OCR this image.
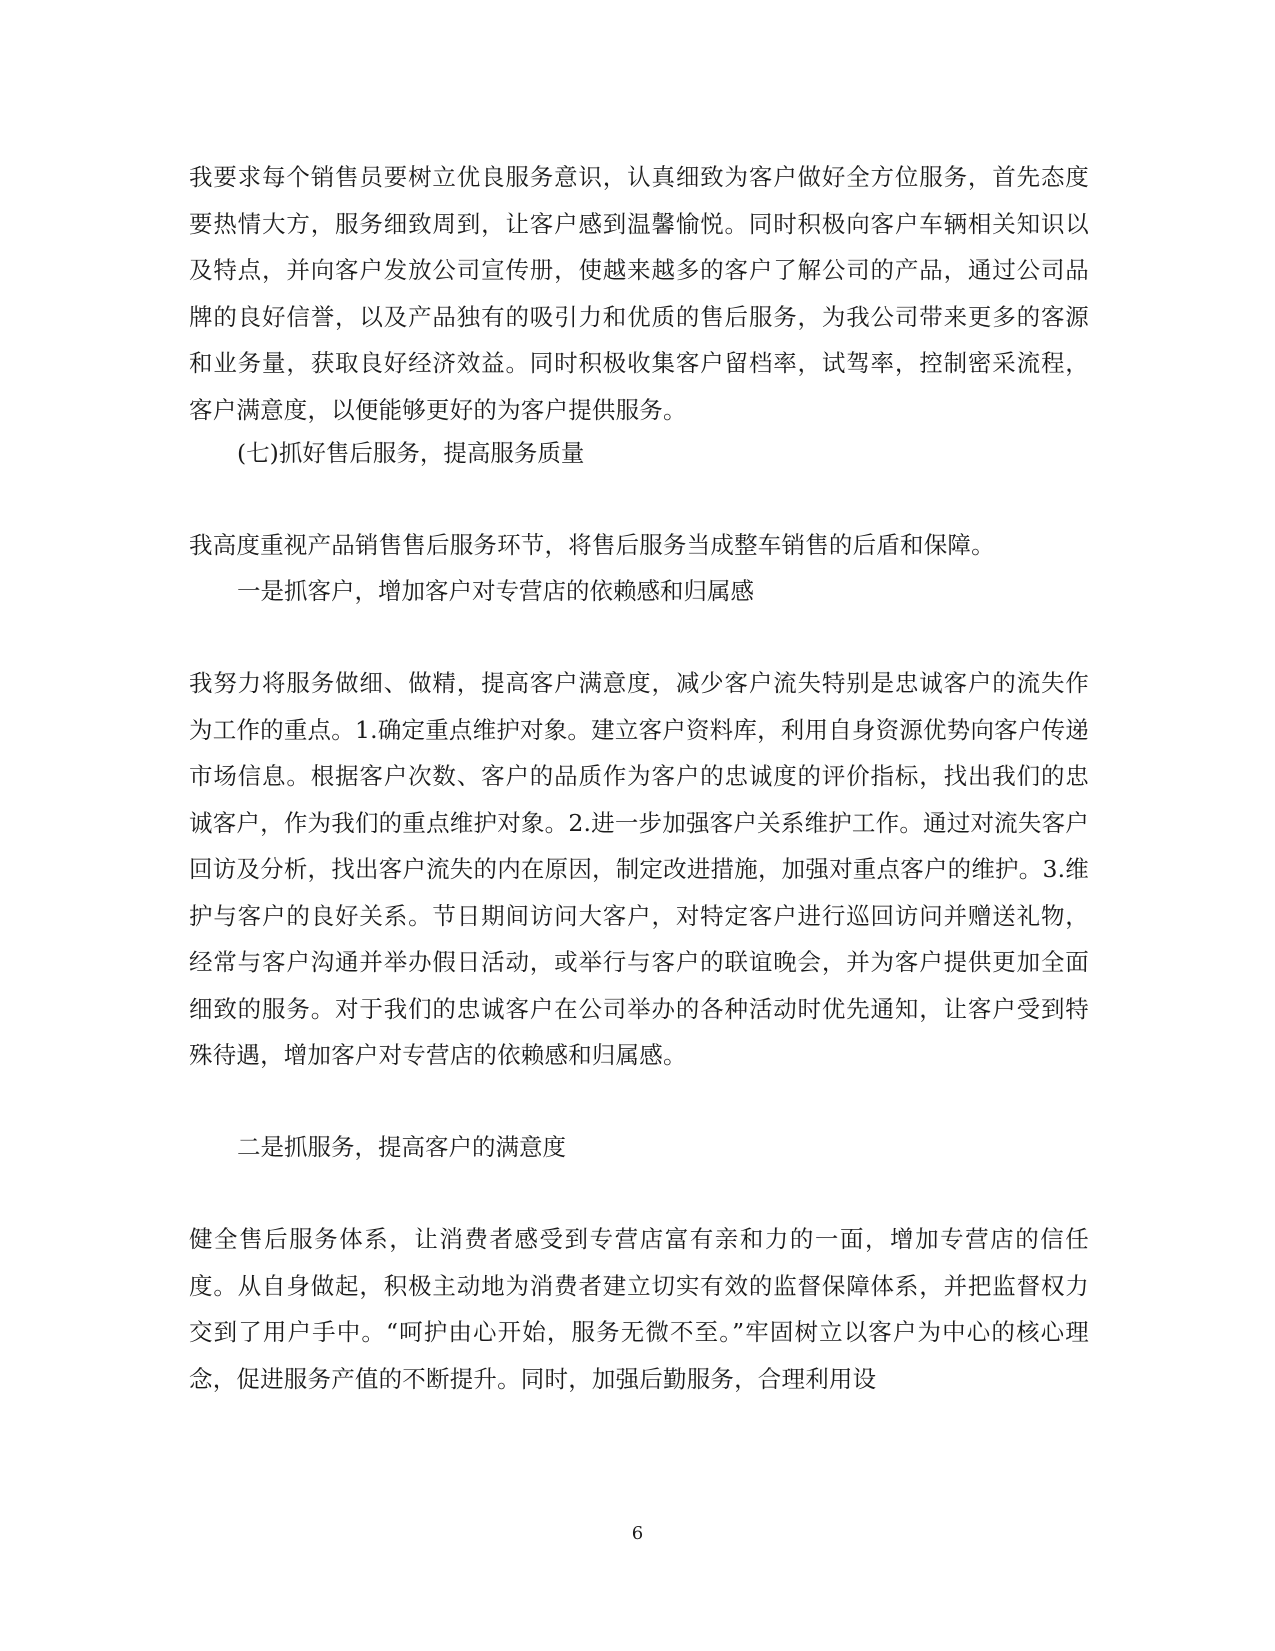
我要求每个销售员要树立优良服务意识，认真细致为客户做好全方位服务，首先态度要热情大方，服务细致周到，让客户感到温馨愉悦。同时积极向客户车辆相关知识以及特点，并向客户发放公司宣传册，使越来越多的客户了解公司的产品，通过公司品牌的良好信誉，以及产品独有的吸引力和优质的售后服务，为我公司带来更多的客源和业务量，获取良好经济效益。同时积极收集客户留档率，试驾率，控制密采流程，客户满意度，以便能够更好的为客户提供服务。

(七)抓好售后服务，提高服务质量

我高度重视产品销售售后服务环节，将售后服务当成整车销售的后盾和保障。

一是抓客户，增加客户对专营店的依赖感和归属感

我努力将服务做细、做精，提高客户满意度，减少客户流失特别是忠诚客户的流失作为工作的重点。1.确定重点维护对象。建立客户资料库，利用自身资源优势向客户传递市场信息。根据客户次数、客户的品质作为客户的忠诚度的评价指标，找出我们的忠诚客户，作为我们的重点维护对象。2.进一步加强客户关系维护工作。通过对流失客户回访及分析，找出客户流失的内在原因，制定改进措施，加强对重点客户的维护。3.维护与客户的良好关系。节日期间访问大客户，对特定客户进行巡回访问并赠送礼物，经常与客户沟通并举办假日活动，或举行与客户的联谊晚会，并为客户提供更加全面细致的服务。对于我们的忠诚客户在公司举办的各种活动时优先通知，让客户受到特殊待遇，增加客户对专营店的依赖感和归属感。

二是抓服务，提高客户的满意度

健全售后服务体系，让消费者感受到专营店富有亲和力的一面，增加专营店的信任度。从自身做起，积极主动地为消费者建立切实有效的监督保障体系，并把监督权力交到了用户手中。“呵护由心开始，服务无微不至。”牢固树立以客户为中心的核心理念，促进服务产值的不断提升。同时，加强后勤服务，合理利用设

6
